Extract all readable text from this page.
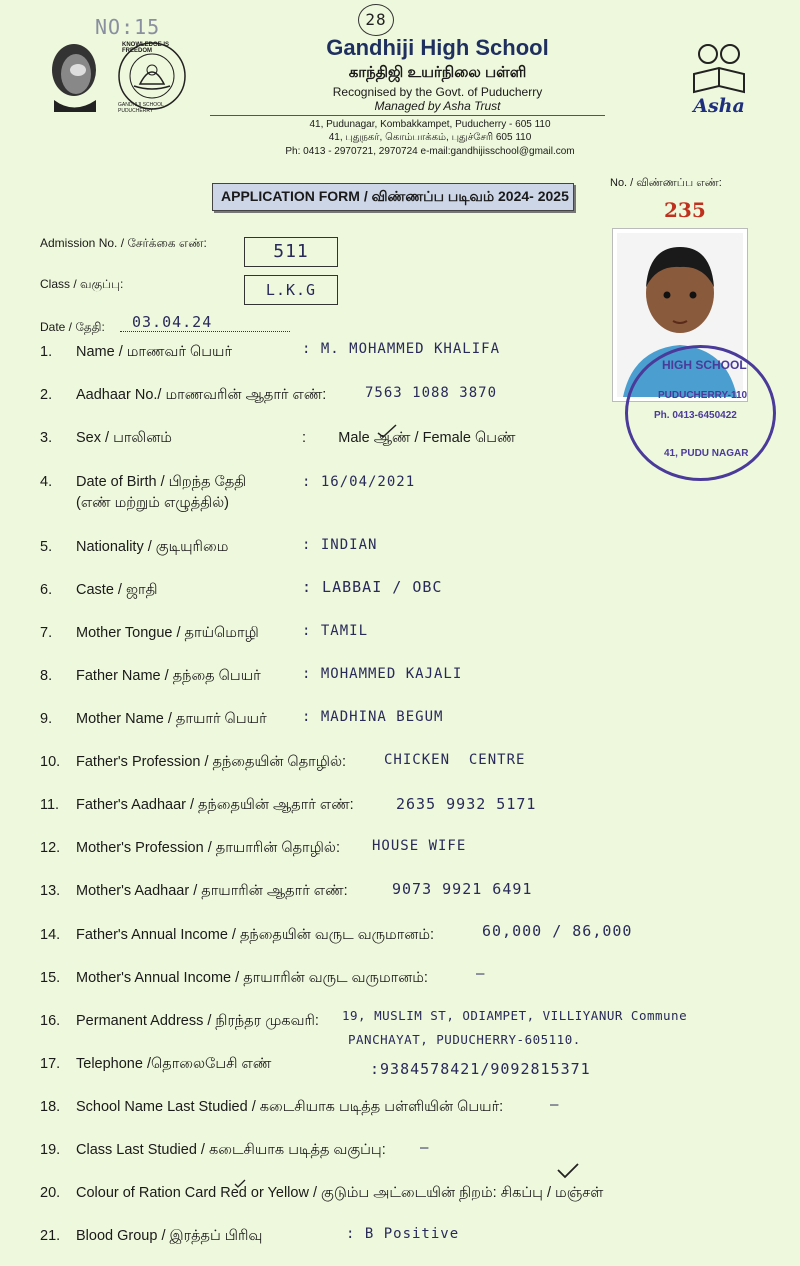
NO:15	28
KNOWLEDGE IS FREEDOM
GANDHIJI SCHOOL PUDUCHERRY	Asha
Gandhiji High School
காந்திஜி உயர்நிலை பள்ளி
Recognised by the Govt. of Puducherry
Managed by Asha Trust
41, Pudunagar, Kombakkampet, Puducherry - 605 110
41, புதுநகர், கொம்பாக்கம், புதுச்சேரி 605 110
Ph: 0413 - 2970721, 2970724 e-mail:gandhijisschool@gmail.com
APPLICATION FORM / விண்ணப்ப படிவம் 2024- 2025
No. / விண்ணப்ப எண்:
235
Admission No. / சேர்க்கை எண்:	511
Class / வகுப்பு:	L.K.G
Date / தேதி:	03.04.24
HIGH SCHOOL
PUDUCHERRY-110
Ph. 0413-6450422
41, PUDU NAGAR
1. Name / மாணவர் பெயர்	: M. MOHAMMED KHALIFA
2. Aadhaar No./ மாணவரின் ஆதார் எண்:	7563 1088 3870
3. Sex / பாலினம்	:        Male ஆண் / Female பெண்
4. Date of Birth / பிறந்த தேதி
(எண் மற்றும் எழுத்தில்)
: 16/04/2021
5. Nationality / குடியுரிமை	: INDIAN
6. Caste / ஜாதி	: LABBAI / OBC
7. Mother Tongue / தாய்மொழி	: TAMIL
8. Father Name / தந்தை பெயர்	: MOHAMMED KAJALI
9. Mother Name / தாயார் பெயர்	: MADHINA BEGUM
10. Father's Profession / தந்தையின் தொழில்:	CHICKEN  CENTRE
11. Father's Aadhaar / தந்தையின் ஆதார் எண்:	2635 9932 5171
12. Mother's Profession / தாயாரின் தொழில்: HOUSE WIFE
13. Mother's Aadhaar / தாயாரின் ஆதார் எண்:	9073 9921 6491
14. Father's Annual Income / தந்தையின் வருட வருமானம்:	60,000 / 86,000
15. Mother's Annual Income / தாயாரின் வருட வருமானம்:	–
16. Permanent Address / நிரந்தர முகவரி: 19, MUSLIM ST, ODIAMPET, VILLIYANUR Commune
PANCHAYAT, PUDUCHERRY-605110.
17. Telephone /தொலைபேசி எண்	:9384578421/9092815371
18. School Name Last Studied / கடைசியாக படித்த பள்ளியின் பெயர்:	–
19. Class Last Studied / கடைசியாக படித்த வகுப்பு: –
20. Colour of Ration Card Red or Yellow / குடும்ப அட்டையின் நிறம்: சிகப்பு / மஞ்சள்
21. Blood Group / இரத்தப் பிரிவு	: B Positive
